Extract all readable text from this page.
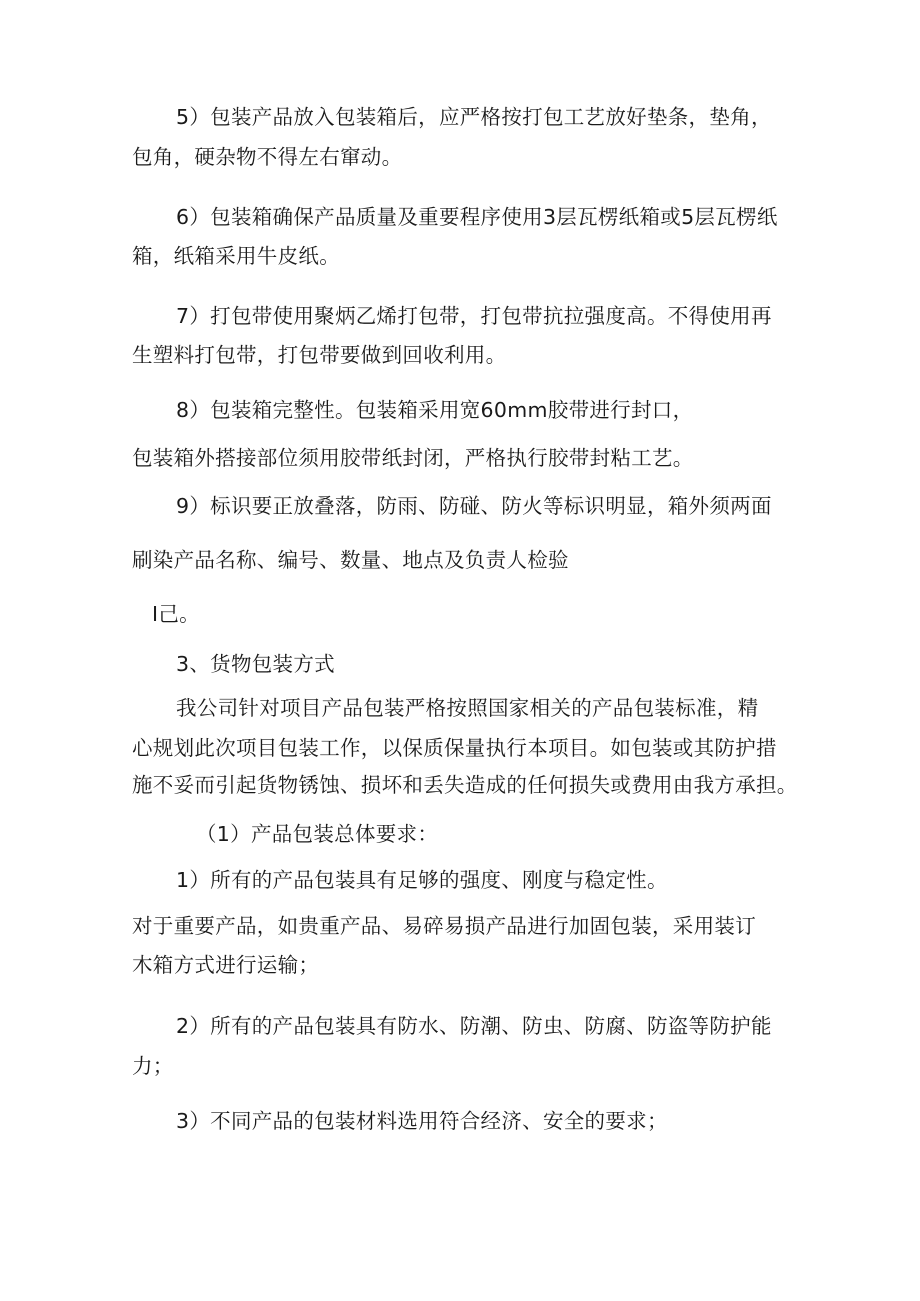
5）包装产品放入包装箱后，应严格按打包工艺放好垫条，垫角，
包角，硬杂物不得左右窜动。
6）包装箱确保产品质量及重要程序使用3层瓦楞纸箱或5层瓦楞纸
箱，纸箱采用牛皮纸。
7）打包带使用聚炳乙烯打包带，打包带抗拉强度高。不得使用再
生塑料打包带，打包带要做到回收利用。
8）包装箱完整性。包装箱采用宽60mm胶带进行封口，
包装箱外搭接部位须用胶带纸封闭，严格执行胶带封粘工艺。
9）标识要正放叠落，防雨、防碰、防火等标识明显，箱外须两面
刷染产品名称、编号、数量、地点及负责人检验
I己。
3、货物包装方式
我公司针对项目产品包装严格按照国家相关的产品包装标准，精
心规划此次项目包装工作，以保质保量执行本项目。如包装或其防护措
施不妥而引起货物锈蚀、损坏和丢失造成的任何损失或费用由我方承担。
（1）产品包装总体要求：
1）所有的产品包装具有足够的强度、刚度与稳定性。
对于重要产品，如贵重产品、易碎易损产品进行加固包装，采用装订
木箱方式进行运输；
2）所有的产品包装具有防水、防潮、防虫、防腐、防盗等防护能
力；
3）不同产品的包装材料选用符合经济、安全的要求；
